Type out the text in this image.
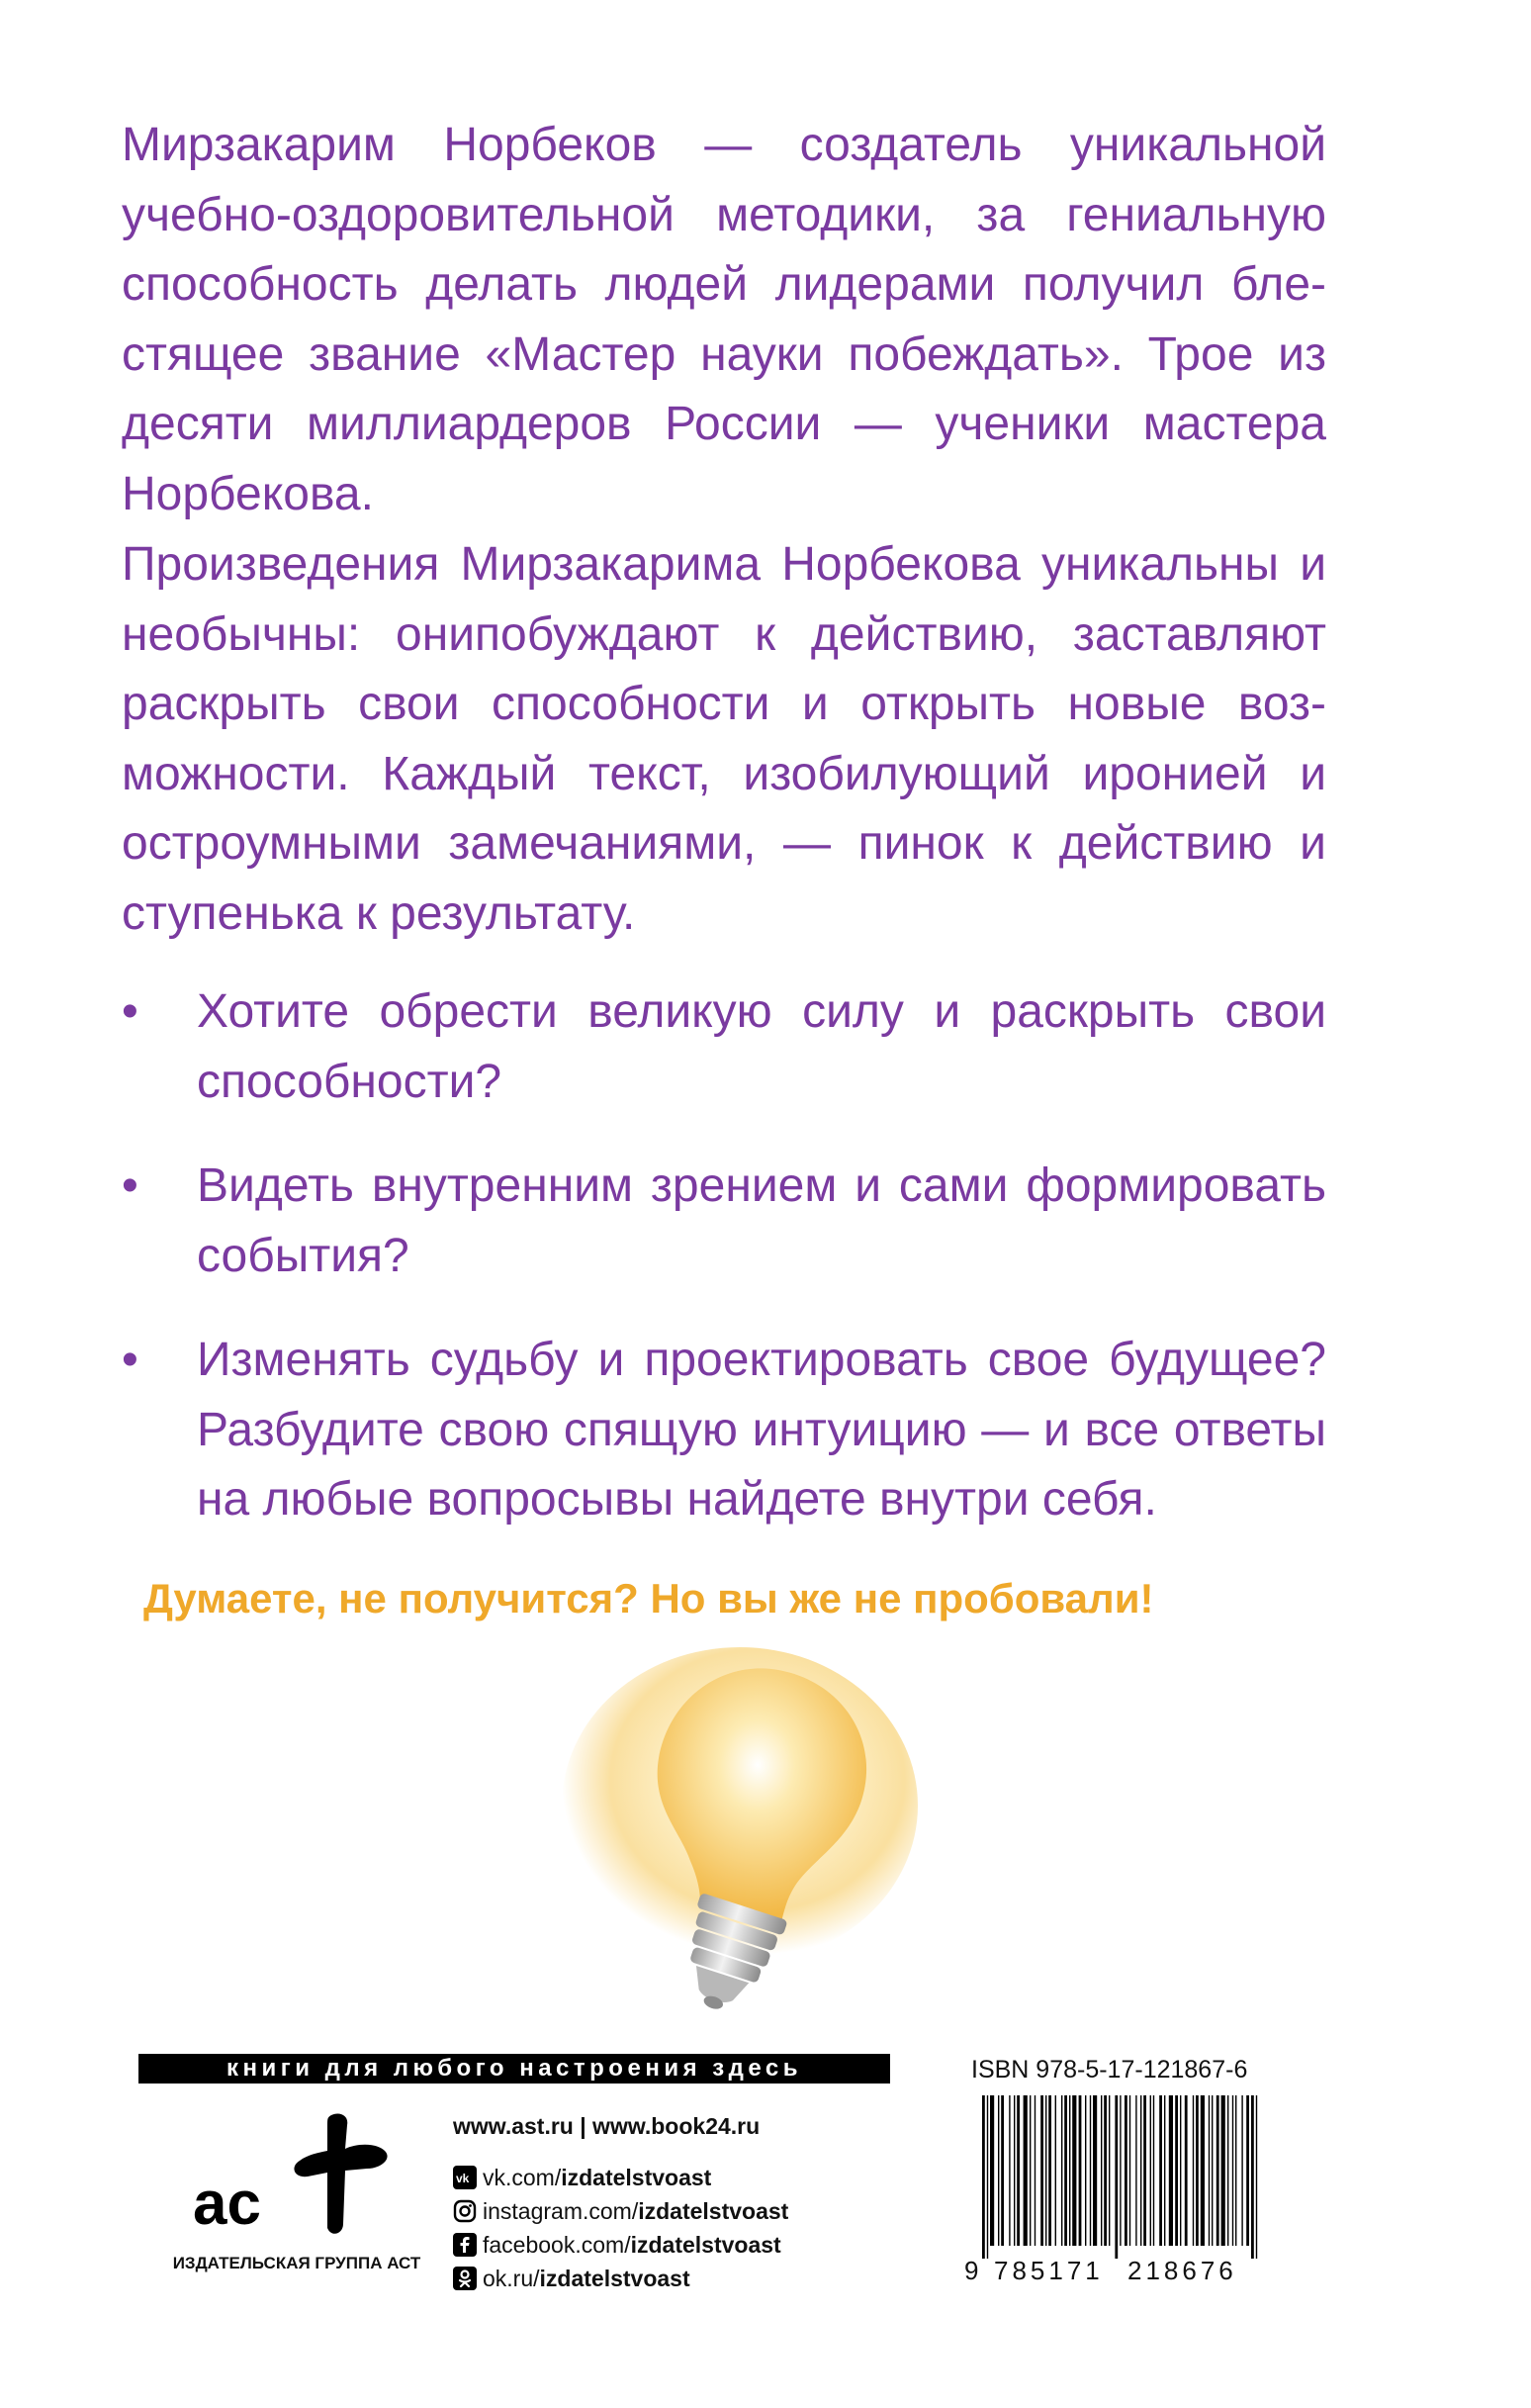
Мирзакарим Норбеков — создатель уникальной учебно-оздоровительной методики, за гениальную способность делать людей лидерами получил блестящее звание «Мастер науки побеждать». Трое из десяти миллиардеров России — ученики мастера Норбекова.
Произведения Мирзакарима Норбекова уникальны и необычны: онипобуждают к действию, заставляют раскрыть свои способности и открыть новые возможности. Каждый текст, изобилующий иронией и остроумными замечаниями, — пинок к действию и ступенька к результату.
•	Хотите обрести великую силу и раскрыть свои способности?
•	Видеть внутренним зрением и сами формировать события?
•	Изменять судьбу и проектировать свое будущее? Разбудите свою спящую интуицию — и все ответы на любые вопросывы найдете внутри себя.
Думаете, не получится? Но вы же не пробовали!
книги для любого настроения здесь
ac
ИЗДАТЕЛЬСКАЯ ГРУППА АСТ
www.ast.ru | www.book24.ru
vk vk.com/izdatelstvoast
instagram.com/izdatelstvoast
facebook.com/izdatelstvoast
ok.ru/izdatelstvoast
ISBN 978-5-17-121867-6
9 785171 218676
